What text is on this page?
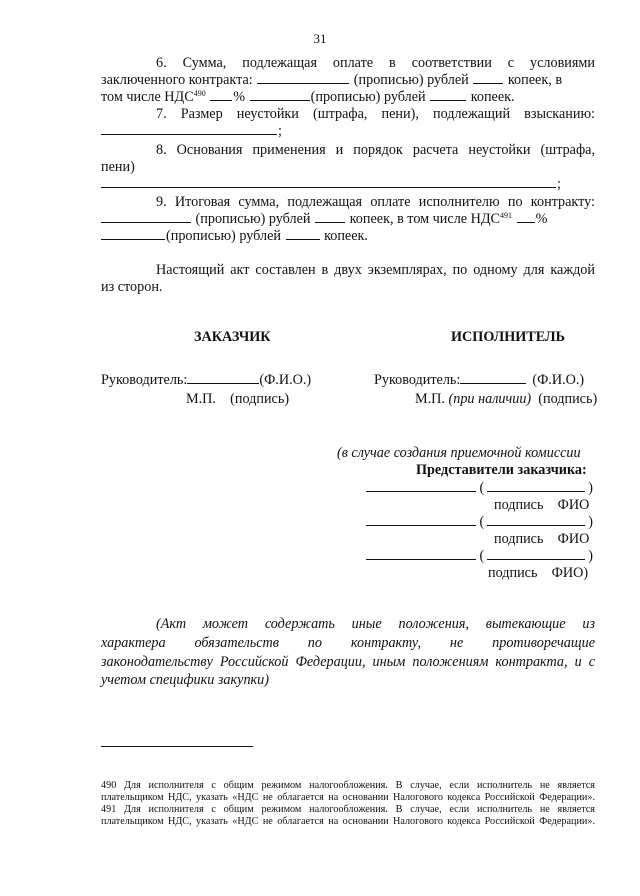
31
6. Сумма, подлежащая оплате в соответствии с условиями
заключенного контракта:	(прописью) рублей	копеек, в
том числе НДС$^{490}$ %	(прописью) рублей	копеек.
7. Размер неустойки (штрафа, пени), подлежащий взысканию:
;
8. Основания применения и порядок расчета неустойки (штрафа,
пени)
;
9. Итоговая сумма, подлежащая оплате исполнителю по контракту:
(прописью) рублей	копеек, в том числе НДС$^{491}$ %
(прописью) рублей	копеек.
Настоящий акт составлен в двух экземплярах, по одному для каждой
из сторон.
ЗАКАЗЧИК	ИСПОЛНИТЕЛЬ
Руководитель:	(Ф.И.О.)
М.П. (подпись)
Руководитель:	(Ф.И.О.)
М.П. (при наличии) (подпись)
(в случае создания приемочной комиссии
Представители заказчика:
(	)
подпись ФИО
(	)
подпись ФИО
(	)
подпись ФИО)
(Акт может содержать иные положения, вытекающие из
характера обязательств по контракту, не противоречащие
законодательству Российской Федерации, иным положениям контракта, и с
учетом специфики закупки)
490 Для исполнителя с общим режимом налогообложения. В случае, если исполнитель не является
плательщиком НДС, указать «НДС не облагается на основании Налогового кодекса Российской Федерации».
491 Для исполнителя с общим режимом налогообложения. В случае, если исполнитель не является
плательщиком НДС, указать «НДС не облагается на основании Налогового кодекса Российской Федерации».
